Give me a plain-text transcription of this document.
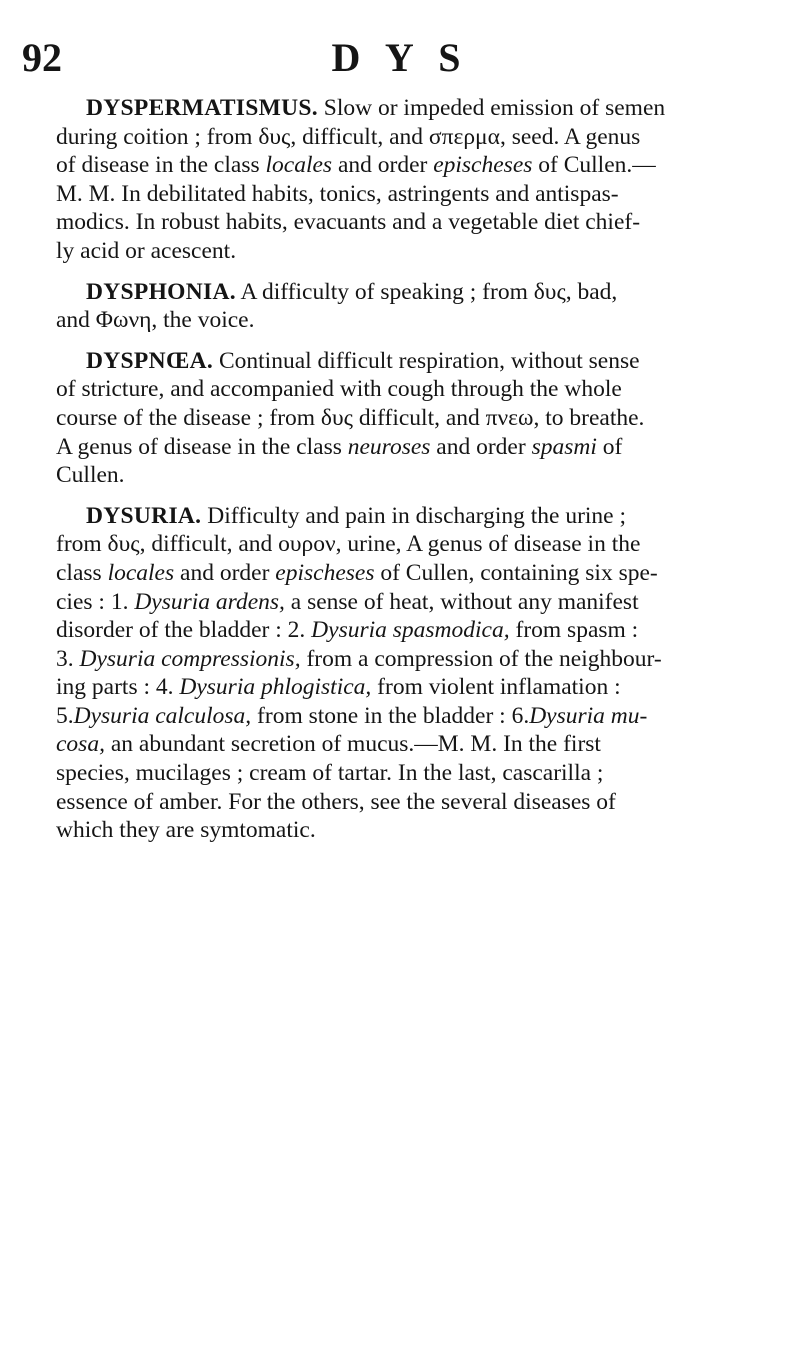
92	D Y S
DYSPERMATISMUS. Slow or impeded emission of semen
during coition ; from δυς, difficult, and σπερμα, seed. A genus
of disease in the class locales and order epischeses of Cullen.—
M. M. In debilitated habits, tonics, astringents and antispas-
modics. In robust habits, evacuants and a vegetable diet chief-
ly acid or acescent.
DYSPHONIA. A difficulty of speaking ; from δυς, bad,
and Φωνη, the voice.
DYSPNŒA. Continual difficult respiration, without sense
of stricture, and accompanied with cough through the whole
course of the disease ; from δυς difficult, and πνεω, to breathe.
A genus of disease in the class neuroses and order spasmi of
Cullen.
DYSURIA. Difficulty and pain in discharging the urine ;
from δυς, difficult, and ουρον, urine, A genus of disease in the
class locales and order epischeses of Cullen, containing six spe-
cies : 1. Dysuria ardens, a sense of heat, without any manifest
disorder of the bladder : 2. Dysuria spasmodica, from spasm :
3. Dysuria compressionis, from a compression of the neighbour-
ing parts : 4. Dysuria phlogistica, from violent inflamation :
5.Dysuria calculosa, from stone in the bladder : 6.Dysuria mu-
cosa, an abundant secretion of mucus.—M. M. In the first
species, mucilages ; cream of tartar. In the last, cascarilla ;
essence of amber. For the others, see the several diseases of
which they are symtomatic.
